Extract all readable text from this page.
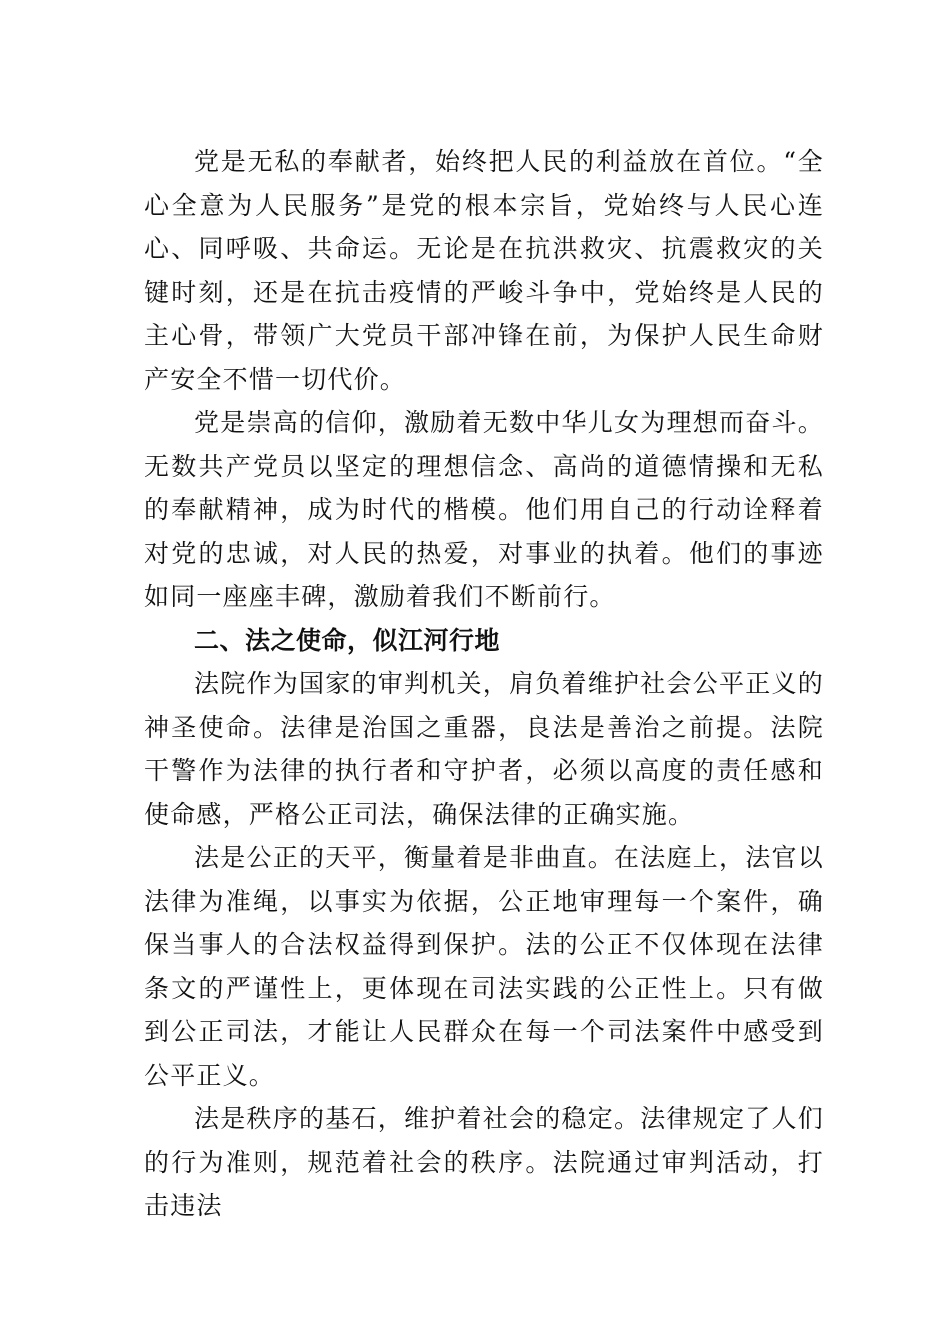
党是无私的奉献者，始终把人民的利益放在首位。“全心全意为人民服务”是党的根本宗旨，党始终与人民心连心、同呼吸、共命运。无论是在抗洪救灾、抗震救灾的关键时刻，还是在抗击疫情的严峻斗争中，党始终是人民的主心骨，带领广大党员干部冲锋在前，为保护人民生命财产安全不惜一切代价。

党是崇高的信仰，激励着无数中华儿女为理想而奋斗。无数共产党员以坚定的理想信念、高尚的道德情操和无私的奉献精神，成为时代的楷模。他们用自己的行动诠释着对党的忠诚，对人民的热爱，对事业的执着。他们的事迹如同一座座丰碑，激励着我们不断前行。

二、法之使命，似江河行地

法院作为国家的审判机关，肩负着维护社会公平正义的神圣使命。法律是治国之重器，良法是善治之前提。法院干警作为法律的执行者和守护者，必须以高度的责任感和使命感，严格公正司法，确保法律的正确实施。

法是公正的天平，衡量着是非曲直。在法庭上，法官以法律为准绳，以事实为依据，公正地审理每一个案件，确保当事人的合法权益得到保护。法的公正不仅体现在法律条文的严谨性上，更体现在司法实践的公正性上。只有做到公正司法，才能让人民群众在每一个司法案件中感受到公平正义。

法是秩序的基石，维护着社会的稳定。法律规定了人们的行为准则，规范着社会的秩序。法院通过审判活动，打击违法
